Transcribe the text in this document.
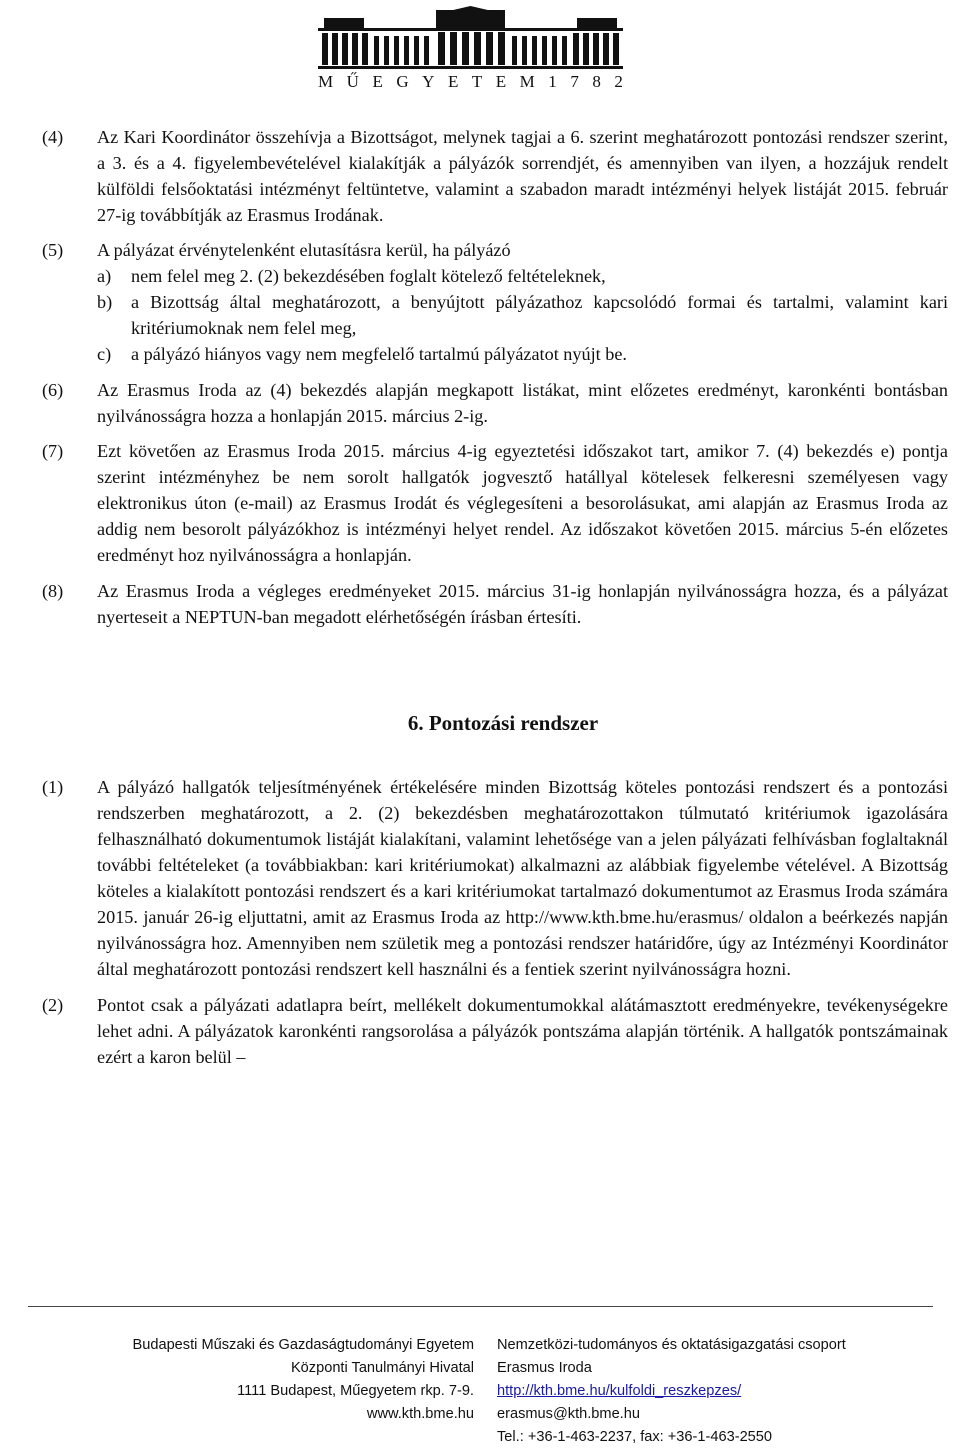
M Ű E G Y E T E M 1 7 8 2
(4) Az Kari Koordinátor összehívja a Bizottságot, melynek tagjai a 6. szerint meghatározott pontozási rendszer szerint, a 3. és a 4. figyelembevételével kialakítják a pályázók sorrendjét, és amennyiben van ilyen, a hozzájuk rendelt külföldi felsőoktatási intézményt feltüntetve, valamint a szabadon maradt intézményi helyek listáját 2015. február 27-ig továbbítják az Erasmus Irodának.
(5) A pályázat érvénytelenként elutasításra kerül, ha pályázó
a) nem felel meg 2. (2) bekezdésében foglalt kötelező feltételeknek,
b) a Bizottság által meghatározott, a benyújtott pályázathoz kapcsolódó formai és tartalmi, valamint kari kritériumoknak nem felel meg,
c) a pályázó hiányos vagy nem megfelelő tartalmú pályázatot nyújt be.
(6) Az Erasmus Iroda az (4) bekezdés alapján megkapott listákat, mint előzetes eredményt, karonkénti bontásban nyilvánosságra hozza a honlapján 2015. március 2-ig.
(7) Ezt követően az Erasmus Iroda 2015. március 4-ig egyeztetési időszakot tart, amikor 7. (4) bekezdés e) pontja szerint intézményhez be nem sorolt hallgatók jogvesztő hatállyal kötelesek felkeresni személyesen vagy elektronikus úton (e-mail) az Erasmus Irodát és véglegesíteni a besorolásukat, ami alapján az Erasmus Iroda az addig nem besorolt pályázókhoz is intézményi helyet rendel. Az időszakot követően 2015. március 5-én előzetes eredményt hoz nyilvánosságra a honlapján.
(8) Az Erasmus Iroda a végleges eredményeket 2015. március 31-ig honlapján nyilvánosságra hozza, és a pályázat nyerteseit a NEPTUN-ban megadott elérhetőségén írásban értesíti.
6. Pontozási rendszer
(1) A pályázó hallgatók teljesítményének értékelésére minden Bizottság köteles pontozási rendszert és a pontozási rendszerben meghatározott, a 2. (2) bekezdésben meghatározottakon túlmutató kritériumok igazolására felhasználható dokumentumok listáját kialakítani, valamint lehetősége van a jelen pályázati felhívásban foglaltaknál további feltételeket (a továbbiakban: kari kritériumokat) alkalmazni az alábbiak figyelembe vételével. A Bizottság köteles a kialakított pontozási rendszert és a kari kritériumokat tartalmazó dokumentumot az Erasmus Iroda számára 2015. január 26-ig eljuttatni, amit az Erasmus Iroda az http://www.kth.bme.hu/erasmus/ oldalon a beérkezés napján nyilvánosságra hoz. Amennyiben nem születik meg a pontozási rendszer határidőre, úgy az Intézményi Koordinátor által meghatározott pontozási rendszert kell használni és a fentiek szerint nyilvánosságra hozni.
(2) Pontot csak a pályázati adatlapra beírt, mellékelt dokumentumokkal alátámasztott eredményekre, tevékenységekre lehet adni. A pályázatok karonkénti rangsorolása a pályázók pontszáma alapján történik. A hallgatók pontszámainak ezért a karon belül –
Budapesti Műszaki és Gazdaságtudományi Egyetem
Központi Tanulmányi Hivatal
1111 Budapest, Műegyetem rkp. 7-9.
www.kth.bme.hu
Nemzetközi-tudományos és oktatásigazgatási csoport
Erasmus Iroda
http://kth.bme.hu/kulfoldi_reszkepzes/
erasmus@kth.bme.hu
Tel.: +36-1-463-2237, fax: +36-1-463-2550
